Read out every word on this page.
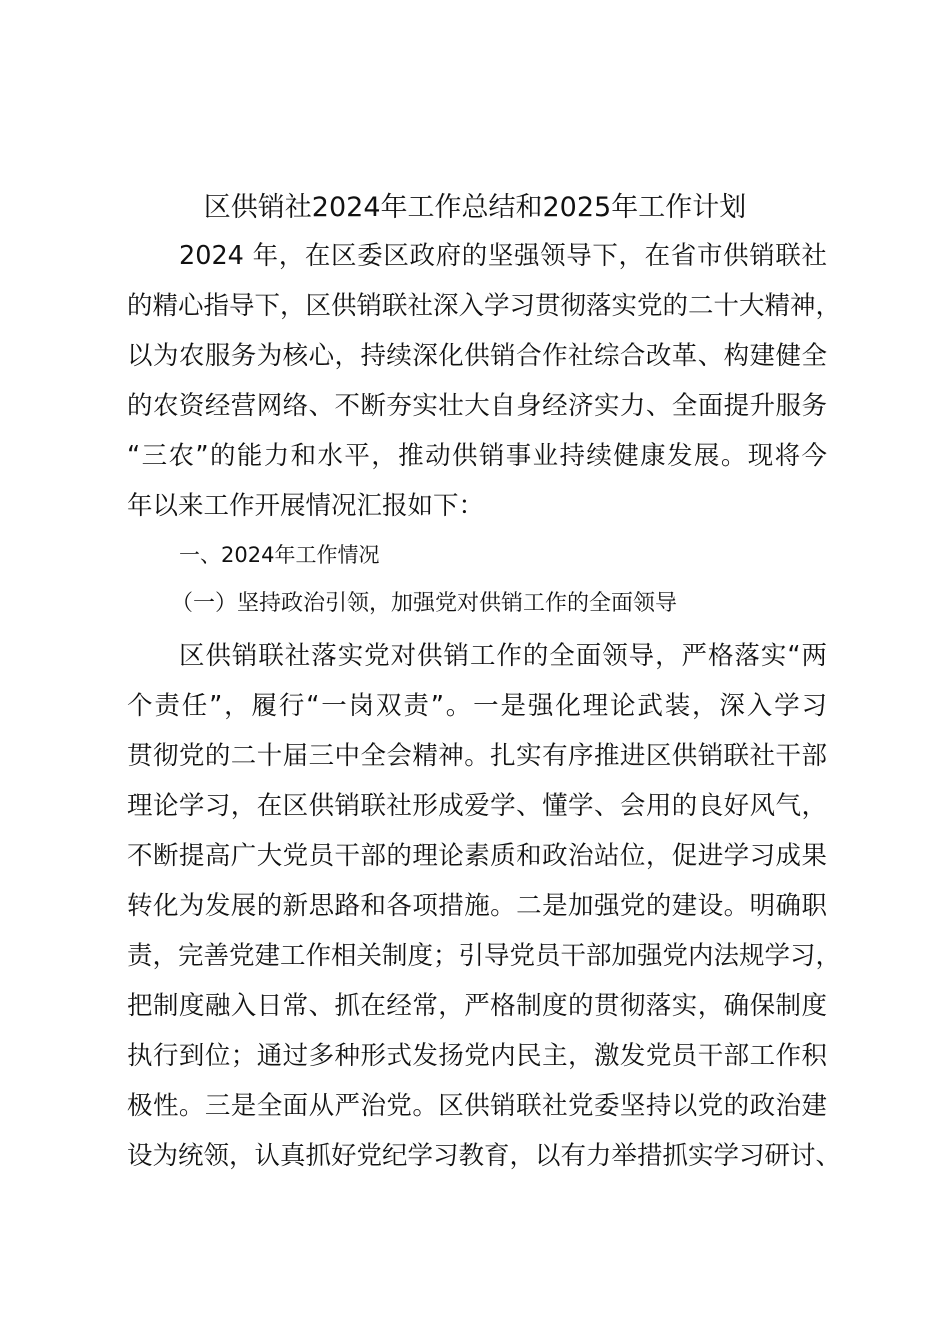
区供销社2024年工作总结和2025年工作计划
2024 年，在区委区政府的坚强领导下，在省市供销联社
的精心指导下，区供销联社深入学习贯彻落实党的二十大精神，
以为农服务为核心，持续深化供销合作社综合改革、构建健全
的农资经营网络、不断夯实壮大自身经济实力、全面提升服务
“三农”的能力和水平，推动供销事业持续健康发展。现将今
年以来工作开展情况汇报如下：
一、2024年工作情况
（一）坚持政治引领，加强党对供销工作的全面领导
区供销联社落实党对供销工作的全面领导，严格落实“两
个责任”，履行“一岗双责”。一是强化理论武装，深入学习
贯彻党的二十届三中全会精神。扎实有序推进区供销联社干部
理论学习，在区供销联社形成爱学、懂学、会用的良好风气，
不断提高广大党员干部的理论素质和政治站位，促进学习成果
转化为发展的新思路和各项措施。二是加强党的建设。明确职
责，完善党建工作相关制度；引导党员干部加强党内法规学习，
把制度融入日常、抓在经常，严格制度的贯彻落实，确保制度
执行到位；通过多种形式发扬党内民主，激发党员干部工作积
极性。三是全面从严治党。区供销联社党委坚持以党的政治建
设为统领，认真抓好党纪学习教育，以有力举措抓实学习研讨、
